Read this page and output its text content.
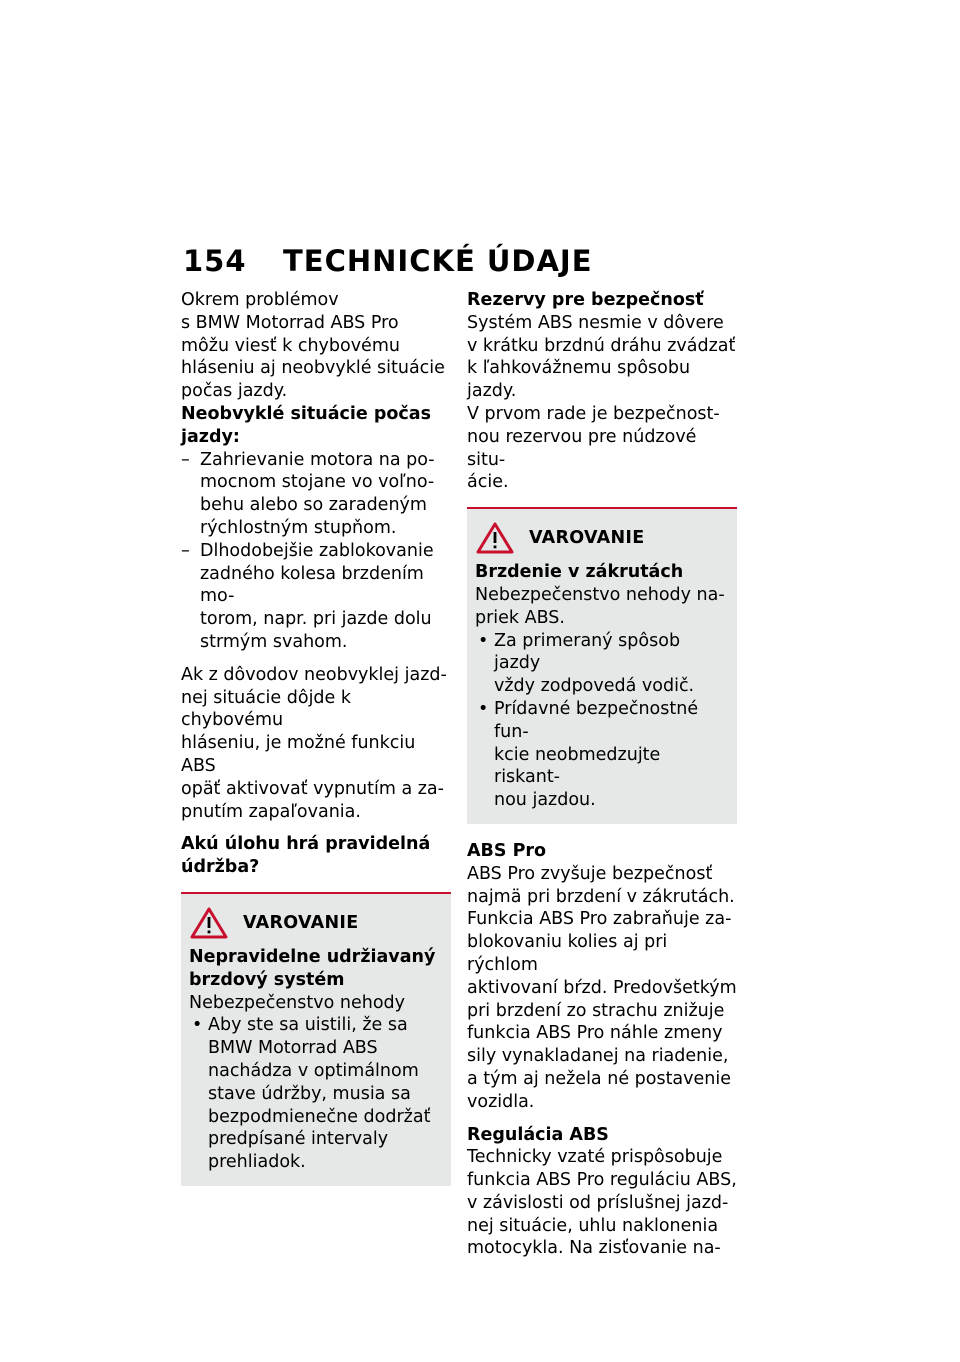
154 TECHNICKÉ ÚDAJE

Okrem problémov
s BMW Motorrad ABS Pro
môžu viesť k chybovému
hláseniu aj neobvyklé situácie
počas jazdy.

Neobvyklé situácie počas
jazdy:

– Zahrievanie motora na po-
mocnom stojane vo voľno-
behu alebo so zaradeným
rýchlostným stupňom.
– Dlhodobejšie zablokovanie
zadného kolesa brzdením mo-
torom, napr. pri jazde dolu
strmým svahom.

Ak z dôvodov neobvyklej jazd-
nej situácie dôjde k chybovému
hláseniu, je možné funkciu ABS
opäť aktivovať vypnutím a za-
pnutím zapaľovania.

Akú úlohu hrá pravidelná
údržba?

VAROVANIE

Nepravidelne udržiavaný
brzdový systém

Nebezpečenstvo nehody

• Aby ste sa uistili, že sa
BMW Motorrad ABS
nachádza v optimálnom
stave údržby, musia sa
bezpodmienečne dodržať
predpísané intervaly
prehliadok.

Rezervy pre bezpečnosť

Systém ABS nesmie v dôvere
v krátku brzdnú dráhu zvádzať
k ľahkovážnemu spôsobu jazdy.
V prvom rade je bezpečnost-
nou rezervou pre núdzové situ-
ácie.

VAROVANIE

Brzdenie v zákrutách

Nebezpečenstvo nehody na-
priek ABS.

• Za primeraný spôsob jazdy
vždy zodpovedá vodič.
• Prídavné bezpečnostné fun-
kcie neobmedzujte riskant-
nou jazdou.

ABS Pro

ABS Pro zvyšuje bezpečnosť
najmä pri brzdení v zákrutách.
Funkcia ABS Pro zabraňuje za-
blokovaniu kolies aj pri rýchlom
aktivovaní bŕzd. Predovšetkým
pri brzdení zo strachu znižuje
funkcia ABS Pro náhle zmeny
sily vynakladanej na riadenie,
a tým aj nežela né postavenie
vozidla.

Regulácia ABS

Technicky vzaté prispôsobuje
funkcia ABS Pro reguláciu ABS,
v závislosti od príslušnej jazd-
nej situácie, uhlu naklonenia
motocykla. Na zisťovanie na-
